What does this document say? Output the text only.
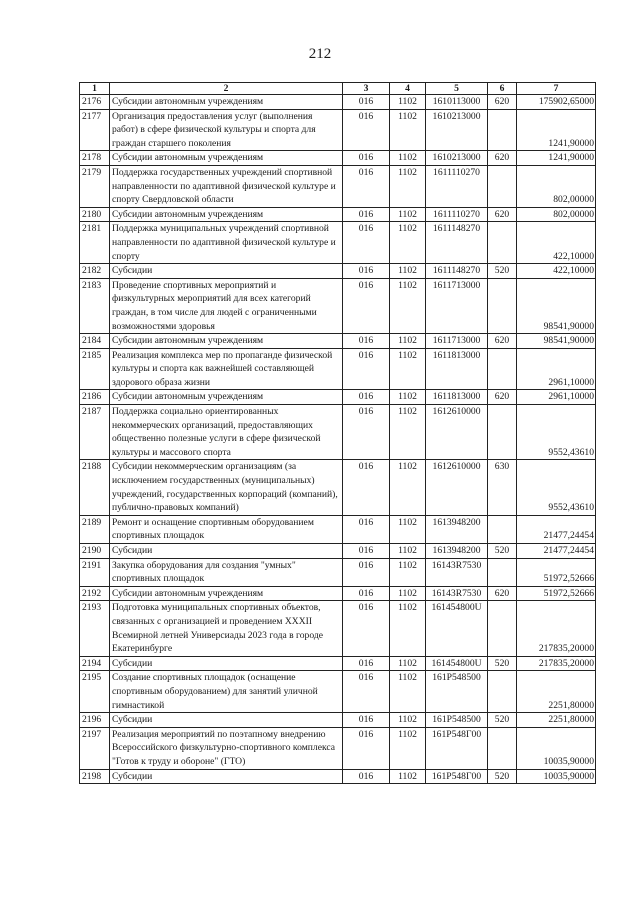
212
1	2	3	4	5	6	7
2176	Субсидии автономным учреждениям	016	1102	1610113000	620	175902,65000
2177	Организация предоставления услуг (выполнения работ) в сфере физической культуры и спорта для граждан старшего поколения	016	1102	1610213000		1241,90000
2178	Субсидии автономным учреждениям	016	1102	1610213000	620	1241,90000
2179	Поддержка государственных учреждений спортивной направленности по адаптивной физической культуре и спорту Свердловской области	016	1102	1611110270		802,00000
2180	Субсидии автономным учреждениям	016	1102	1611110270	620	802,00000
2181	Поддержка муниципальных учреждений спортивной направленности по адаптивной физической культуре и спорту	016	1102	1611148270		422,10000
2182	Субсидии	016	1102	1611148270	520	422,10000
2183	Проведение спортивных мероприятий и физкультурных мероприятий для всех категорий граждан, в том числе для людей с ограниченными возможностями здоровья	016	1102	1611713000		98541,90000
2184	Субсидии автономным учреждениям	016	1102	1611713000	620	98541,90000
2185	Реализация комплекса мер по пропаганде физической культуры и спорта как важнейшей составляющей здорового образа жизни	016	1102	1611813000		2961,10000
2186	Субсидии автономным учреждениям	016	1102	1611813000	620	2961,10000
2187	Поддержка социально ориентированных некоммерческих организаций, предоставляющих общественно полезные услуги в сфере физической культуры и массового спорта	016	1102	1612610000		9552,43610
2188	Субсидии некоммерческим организациям (за исключением государственных (муниципальных) учреждений, государственных корпораций (компаний), публично-правовых компаний)	016	1102	1612610000	630	9552,43610
2189	Ремонт и оснащение спортивным оборудованием спортивных площадок	016	1102	1613948200		21477,24454
2190	Субсидии	016	1102	1613948200	520	21477,24454
2191	Закупка оборудования для создания "умных" спортивных площадок	016	1102	16143R7530		51972,52666
2192	Субсидии автономным учреждениям	016	1102	16143R7530	620	51972,52666
2193	Подготовка муниципальных спортивных объектов, связанных с организацией и проведением XXXII Всемирной летней Универсиады 2023 года в городе Екатеринбурге	016	1102	161454800U		217835,20000
2194	Субсидии	016	1102	161454800U	520	217835,20000
2195	Создание спортивных площадок (оснащение спортивным оборудованием) для занятий уличной гимнастикой	016	1102	161P548500		2251,80000
2196	Субсидии	016	1102	161P548500	520	2251,80000
2197	Реализация мероприятий по поэтапному внедрению Всероссийского физкультурно-спортивного комплекса "Готов к труду и обороне" (ГТО)	016	1102	161P548Г00		10035,90000
2198	Субсидии	016	1102	161P548Г00	520	10035,90000
